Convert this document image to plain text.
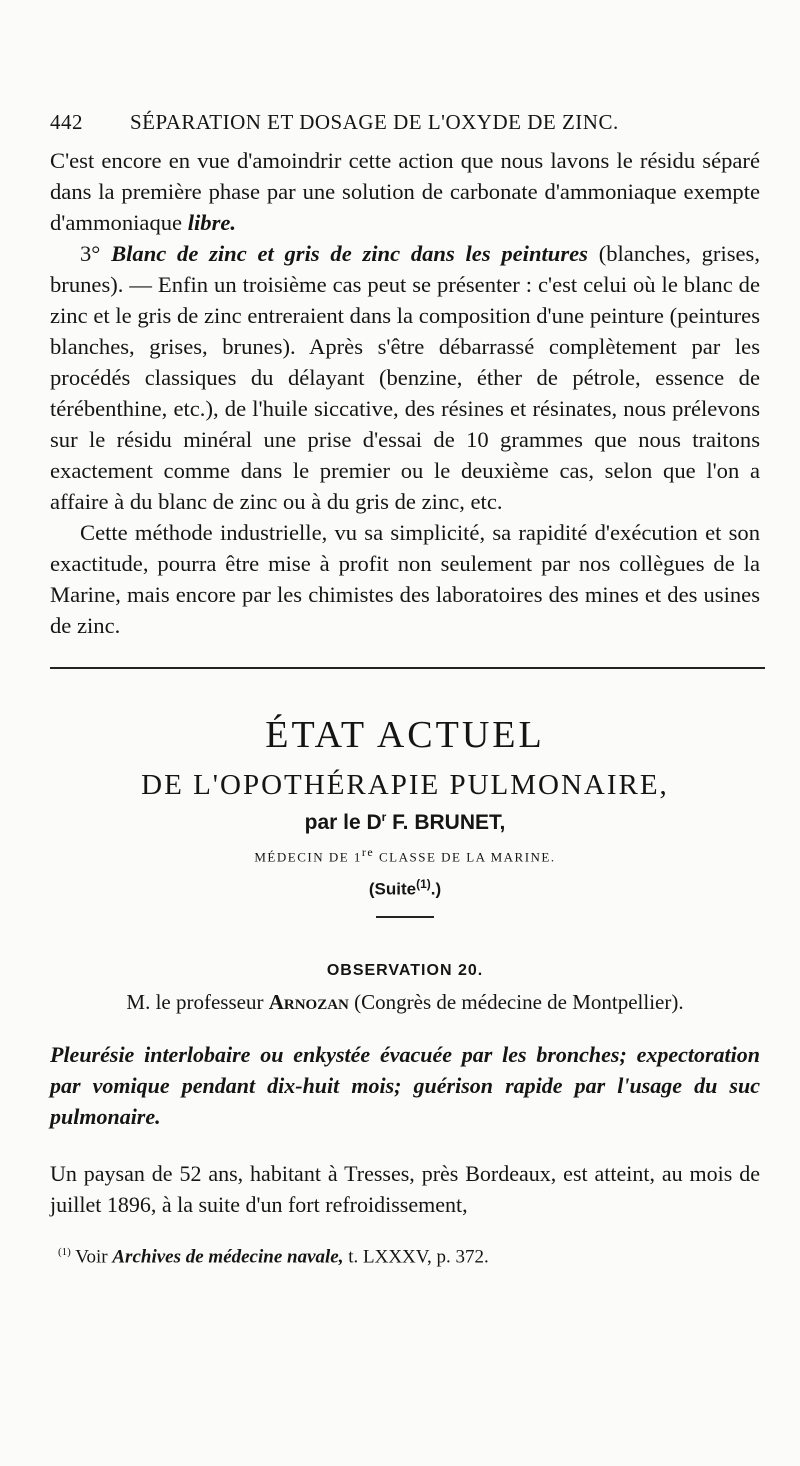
442	SÉPARATION ET DOSAGE DE L'OXYDE DE ZINC.

C'est encore en vue d'amoindrir cette action que nous lavons le résidu séparé dans la première phase par une solution de carbonate d'ammoniaque exempte d'ammoniaque libre.

3° Blanc de zinc et gris de zinc dans les peintures (blanches, grises, brunes). — Enfin un troisième cas peut se présenter : c'est celui où le blanc de zinc et le gris de zinc entreraient dans la composition d'une peinture (peintures blanches, grises, brunes). Après s'être débarrassé complètement par les procédés classiques du délayant (benzine, éther de pétrole, essence de térébenthine, etc.), de l'huile siccative, des résines et résinates, nous prélevons sur le résidu minéral une prise d'essai de 10 grammes que nous traitons exactement comme dans le premier ou le deuxième cas, selon que l'on a affaire à du blanc de zinc ou à du gris de zinc, etc.

Cette méthode industrielle, vu sa simplicité, sa rapidité d'exécution et son exactitude, pourra être mise à profit non seulement par nos collègues de la Marine, mais encore par les chimistes des laboratoires des mines et des usines de zinc.

ÉTAT ACTUEL
DE L'OPOTHÉRAPIE PULMONAIRE,
par le $D^r$ F. BRUNET,
MÉDECIN DE 1re CLASSE DE LA MARINE.
(Suite$^{(1)}$.)
OBSERVATION 20.
M. le professeur Arnozan (Congrès de médecine de Montpellier).
Pleurésie interlobaire ou enkystée évacuée par les bronches; expectoration par vomique pendant dix-huit mois; guérison rapide par l'usage du suc pulmonaire.

Un paysan de 52 ans, habitant à Tresses, près Bordeaux, est atteint, au mois de juillet 1896, à la suite d'un fort refroidissement,

$^{(1)}$ Voir Archives de médecine navale, t. LXXXV, p. 372.
